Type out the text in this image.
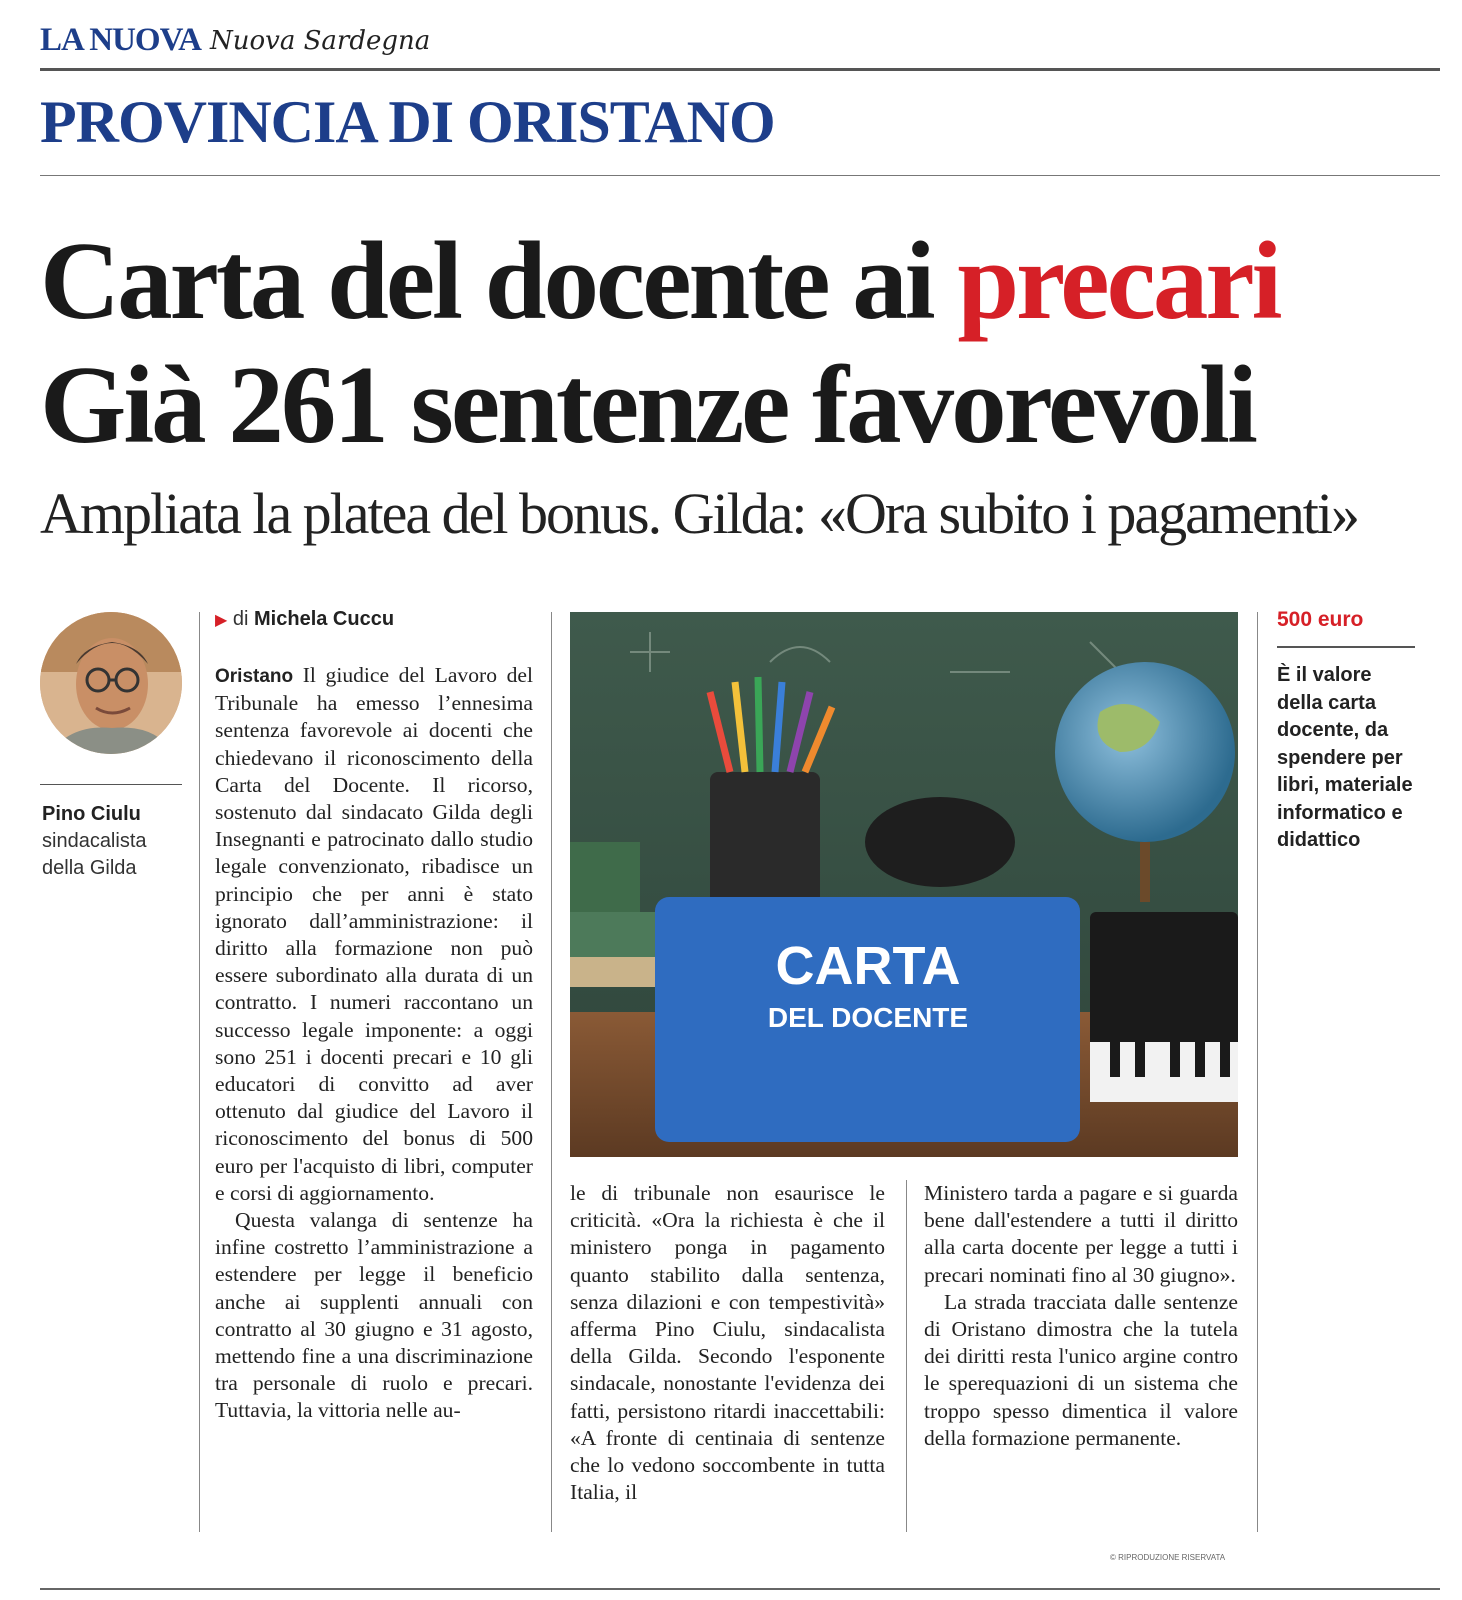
LA NUOVA Nuova Sardegna
PROVINCIA DI ORISTANO
Carta del docente ai precari
Già 261 sentenze favorevoli
Ampliata la platea del bonus. Gilda: «Ora subito i pagamenti»
Pino Ciulu
sindacalista
della Gilda
▶ di Michela Cuccu

Oristano Il giudice del Lavoro del Tribunale ha emesso l’ennesima sentenza favorevole ai docenti che chiedevano il riconoscimento della Carta del Docente. Il ricorso, sostenuto dal sindacato Gilda degli Insegnanti e patrocinato dallo studio legale convenzionato, ribadisce un principio che per anni è stato ignorato dall’amministrazione: il diritto alla formazione non può essere subordinato alla durata di un contratto. I numeri raccontano un successo legale imponente: a oggi sono 251 i docenti precari e 10 gli educatori di convitto ad aver ottenuto dal giudice del Lavoro il riconoscimento del bonus di 500 euro per l'acquisto di libri, computer e corsi di aggiornamento.

Questa valanga di sentenze ha infine costretto l’amministrazione a estendere per legge il beneficio anche ai supplenti annuali con contratto al 30 giugno e 31 agosto, mettendo fine a una discriminazione tra personale di ruolo e precari. Tuttavia, la vittoria nelle au-

CARTA
DEL DOCENTE

le di tribunale non esaurisce le criticità. «Ora la richiesta è che il ministero ponga in pagamento quanto stabilito dalla sentenza, senza dilazioni e con tempestività» afferma Pino Ciulu, sindacalista della Gilda. Secondo l'esponente sindacale, nonostante l'evidenza dei fatti, persistono ritardi inaccettabili: «A fronte di centinaia di sentenze che lo vedono soccombente in tutta Italia, il

Ministero tarda a pagare e si guarda bene dall'estendere a tutti il diritto alla carta docente per legge a tutti i precari nominati fino al 30 giugno».

La strada tracciata dalle sentenze di Oristano dimostra che la tutela dei diritti resta l'unico argine contro le sperequazioni di un sistema che troppo spesso dimentica il valore della formazione permanente.

500 euro
È il valore della carta docente, da spendere per libri, materiale informatico e didattico
© RIPRODUZIONE RISERVATA
